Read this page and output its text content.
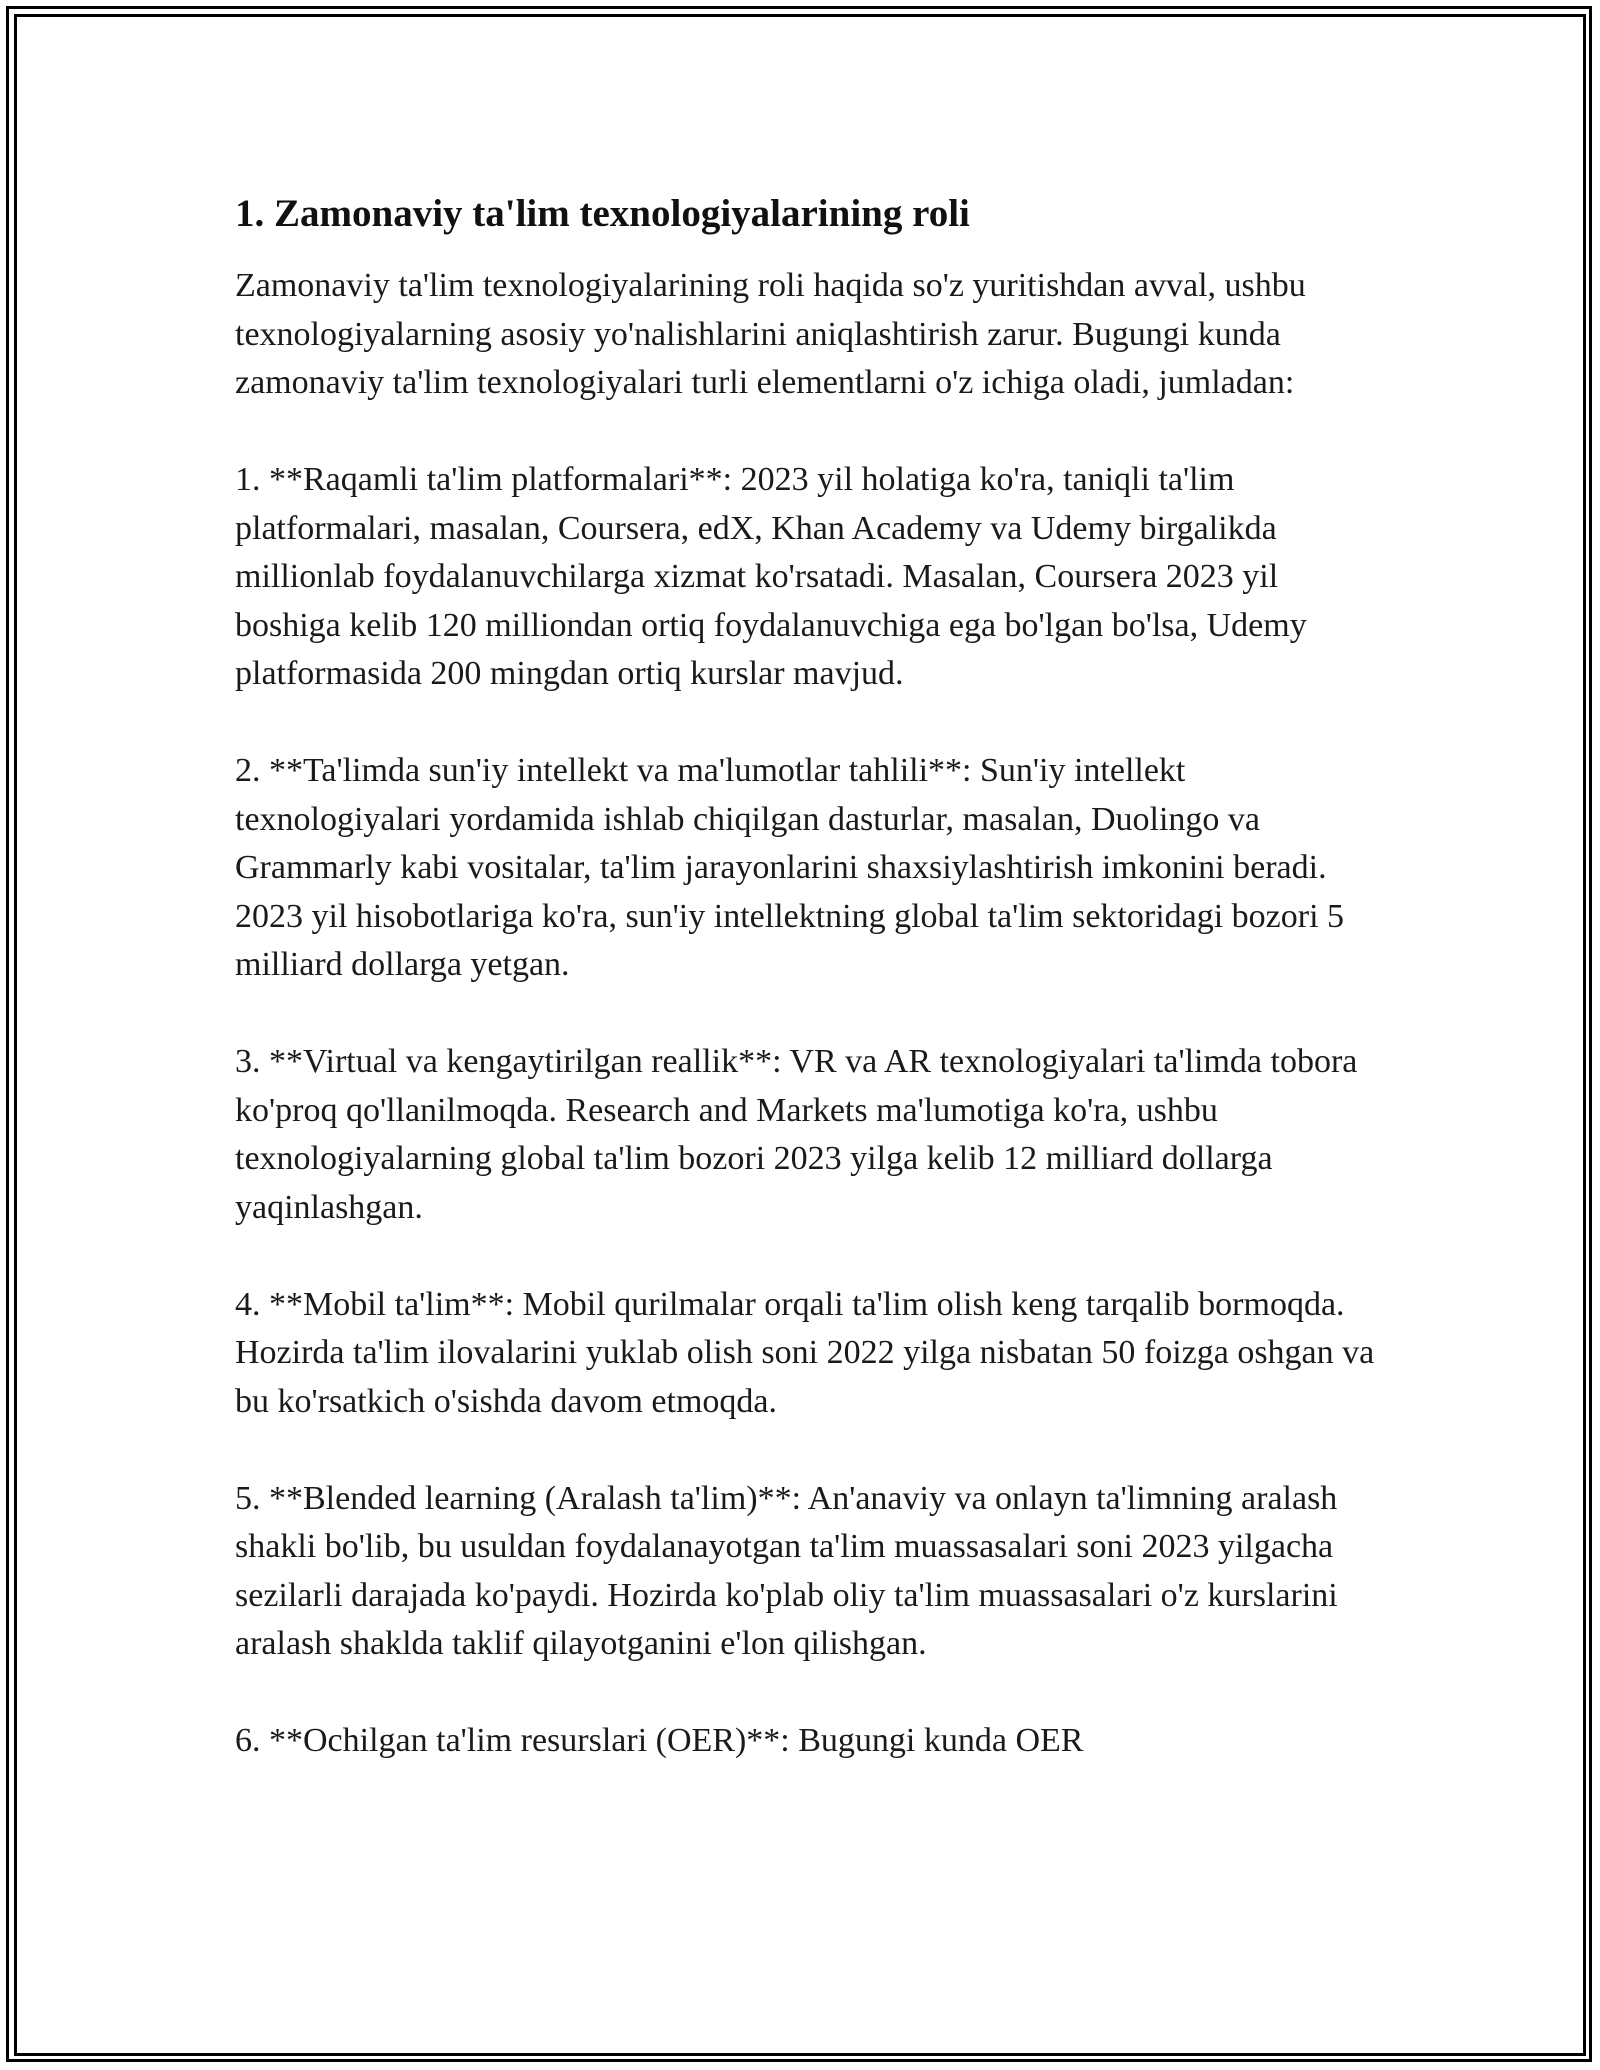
1. Zamonaviy ta'lim texnologiyalarining roli

Zamonaviy ta'lim texnologiyalarining roli haqida so'z yuritishdan avval, ushbu texnologiyalarning asosiy yo'nalishlarini aniqlashtirish zarur. Bugungi kunda zamonaviy ta'lim texnologiyalari turli elementlarni o'z ichiga oladi, jumladan:

1. **Raqamli ta'lim platformalari**: 2023 yil holatiga ko'ra, taniqli ta'lim platformalari, masalan, Coursera, edX, Khan Academy va Udemy birgalikda millionlab foydalanuvchilarga xizmat ko'rsatadi. Masalan, Coursera 2023 yil boshiga kelib 120 milliondan ortiq foydalanuvchiga ega bo'lgan bo'lsa, Udemy platformasida 200 mingdan ortiq kurslar mavjud.

2. **Ta'limda sun'iy intellekt va ma'lumotlar tahlili**: Sun'iy intellekt texnologiyalari yordamida ishlab chiqilgan dasturlar, masalan, Duolingo va Grammarly kabi vositalar, ta'lim jarayonlarini shaxsiylashtirish imkonini beradi. 2023 yil hisobotlariga ko'ra, sun'iy intellektning global ta'lim sektoridagi bozori 5 milliard dollarga yetgan.

3. **Virtual va kengaytirilgan reallik**: VR va AR texnologiyalari ta'limda tobora ko'proq qo'llanilmoqda. Research and Markets ma'lumotiga ko'ra, ushbu texnologiyalarning global ta'lim bozori 2023 yilga kelib 12 milliard dollarga yaqinlashgan.

4. **Mobil ta'lim**: Mobil qurilmalar orqali ta'lim olish keng tarqalib bormoqda. Hozirda ta'lim ilovalarini yuklab olish soni 2022 yilga nisbatan 50 foizga oshgan va bu ko'rsatkich o'sishda davom etmoqda.

5. **Blended learning (Aralash ta'lim)**: An'anaviy va onlayn ta'limning aralash shakli bo'lib, bu usuldan foydalanayotgan ta'lim muassasalari soni 2023 yilgacha sezilarli darajada ko'paydi. Hozirda ko'plab oliy ta'lim muassasalari o'z kurslarini aralash shaklda taklif qilayotganini e'lon qilishgan.

6. **Ochilgan ta'lim resurslari (OER)**: Bugungi kunda OER
